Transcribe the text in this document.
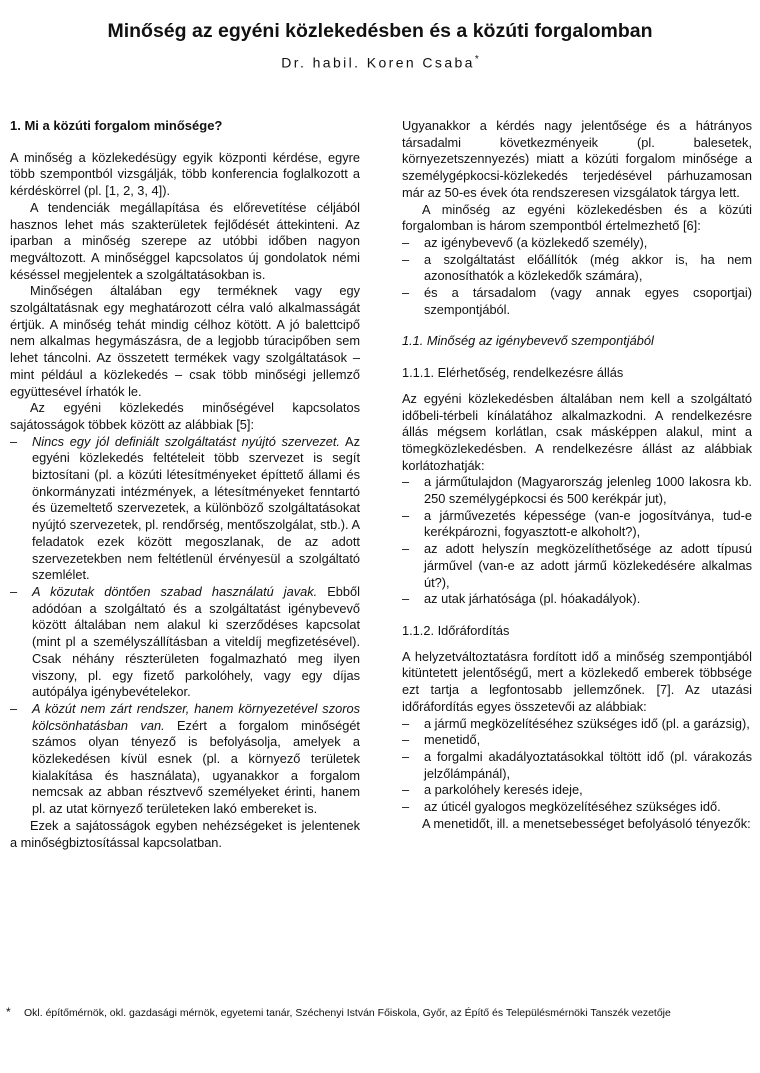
Minőség az egyéni közlekedésben és a közúti forgalomban
Dr. habil. Koren Csaba*
1. Mi a közúti forgalom minősége?

A minőség a közlekedésügy egyik központi kérdése, egyre több szempontból vizsgálják, több konferencia foglalkozott a kérdéskörrel (pl. [1, 2, 3, 4]).

A tendenciák megállapítása és előrevetítése céljából hasznos lehet más szakterületek fejlődését áttekinteni. Az iparban a minőség szerepe az utóbbi időben nagyon megváltozott. A minőséggel kapcsolatos új gondolatok némi késéssel megjelentek a szolgáltatásokban is.

Minőségen általában egy terméknek vagy egy szolgáltatásnak egy meghatározott célra való alkalmasságát értjük. A minőség tehát mindig célhoz kötött. A jó balettcipő nem alkalmas hegymászásra, de a legjobb túracipőben sem lehet táncolni. Az összetett termékek vagy szolgáltatások – mint például a közlekedés – csak több minőségi jellemző együttesével írhatók le.

Az egyéni közlekedés minőségével kapcsolatos sajátosságok többek között az alábbiak [5]:

– Nincs egy jól definiált szolgáltatást nyújtó szervezet. Az egyéni közlekedés feltételeit több szervezet is segít biztosítani (pl. a közúti létesítményeket építtető állami és önkormányzati intézmények, a létesítményeket fenntartó és üzemeltető szervezetek, a különböző szolgáltatásokat nyújtó szervezetek, pl. rendőrség, mentőszolgálat, stb.). A feladatok ezek között megoszlanak, de az adott szervezetekben nem feltétlenül érvényesül a szolgáltató szemlélet.
– A közutak döntően szabad használatú javak. Ebből adódóan a szolgáltató és a szolgáltatást igénybevevő között általában nem alakul ki szerződéses kapcsolat (mint pl a személyszállításban a viteldíj megfizetésével). Csak néhány részterületen fogalmazható meg ilyen viszony, pl. egy fizető parkolóhely, vagy egy díjas autópálya igénybevételekor.
– A közút nem zárt rendszer, hanem környezetével szoros kölcsönhatásban van. Ezért a forgalom minőségét számos olyan tényező is befolyásolja, amelyek a közlekedésen kívül esnek (pl. a környező területek kialakítása és használata), ugyanakkor a forgalom nemcsak az abban résztvevő személyeket érinti, hanem pl. az utat környező területeken lakó embereket is.

Ezek a sajátosságok egyben nehézségeket is jelentenek a minőségbiztosítással kapcsolatban.

Ugyanakkor a kérdés nagy jelentősége és a hátrányos társadalmi következményeik (pl. balesetek, környezetszennyezés) miatt a közúti forgalom minősége a személygépkocsi-közlekedés terjedésével párhuzamosan már az 50-es évek óta rendszeresen vizsgálatok tárgya lett.

A minőség az egyéni közlekedésben és a közúti forgalomban is három szempontból értelmezhető [6]:

– az igénybevevő (a közlekedő személy),
– a szolgáltatást előállítók (még akkor is, ha nem azonosíthatók a közlekedők számára),
– és a társadalom (vagy annak egyes csoportjai) szempontjából.
1.1. Minőség az igénybevevő szempontjából
1.1.1. Elérhetőség, rendelkezésre állás

Az egyéni közlekedésben általában nem kell a szolgáltató időbeli-térbeli kínálatához alkalmazkodni. A rendelkezésre állás mégsem korlátlan, csak másképpen alakul, mint a tömegközlekedésben. A rendelkezésre állást az alábbiak korlátozhatják:

– a járműtulajdon (Magyarország jelenleg 1000 lakosra kb. 250 személygépkocsi és 500 kerékpár jut),
– a járművezetés képessége (van-e jogosítványa, tud-e kerékpározni, fogyasztott-e alkoholt?),
– az adott helyszín megközelíthetősége az adott típusú járművel (van-e az adott jármű közlekedésére alkalmas út?),
– az utak járhatósága (pl. hóakadályok).
1.1.2. Időráfordítás

A helyzetváltoztatásra fordított idő a minőség szempontjából kitüntetett jelentőségű, mert a közlekedő emberek többsége ezt tartja a legfontosabb jellemzőnek. [7]. Az utazási időráfordítás egyes összetevői az alábbiak:

– a jármű megközelítéséhez szükséges idő (pl. a garázsig),
– menetidő,
– a forgalmi akadályoztatásokkal töltött idő (pl. várakozás jelzőlámpánál),
– a parkolóhely keresés ideje,
– az úticél gyalogos megközelítéséhez szükséges idő.

A menetidőt, ill. a menetsebességet befolyásoló tényezők:

*	Okl. építőmérnök, okl. gazdasági mérnök, egyetemi tanár, Széchenyi István Főiskola, Győr, az Építő és Településmérnöki Tanszék vezetője
